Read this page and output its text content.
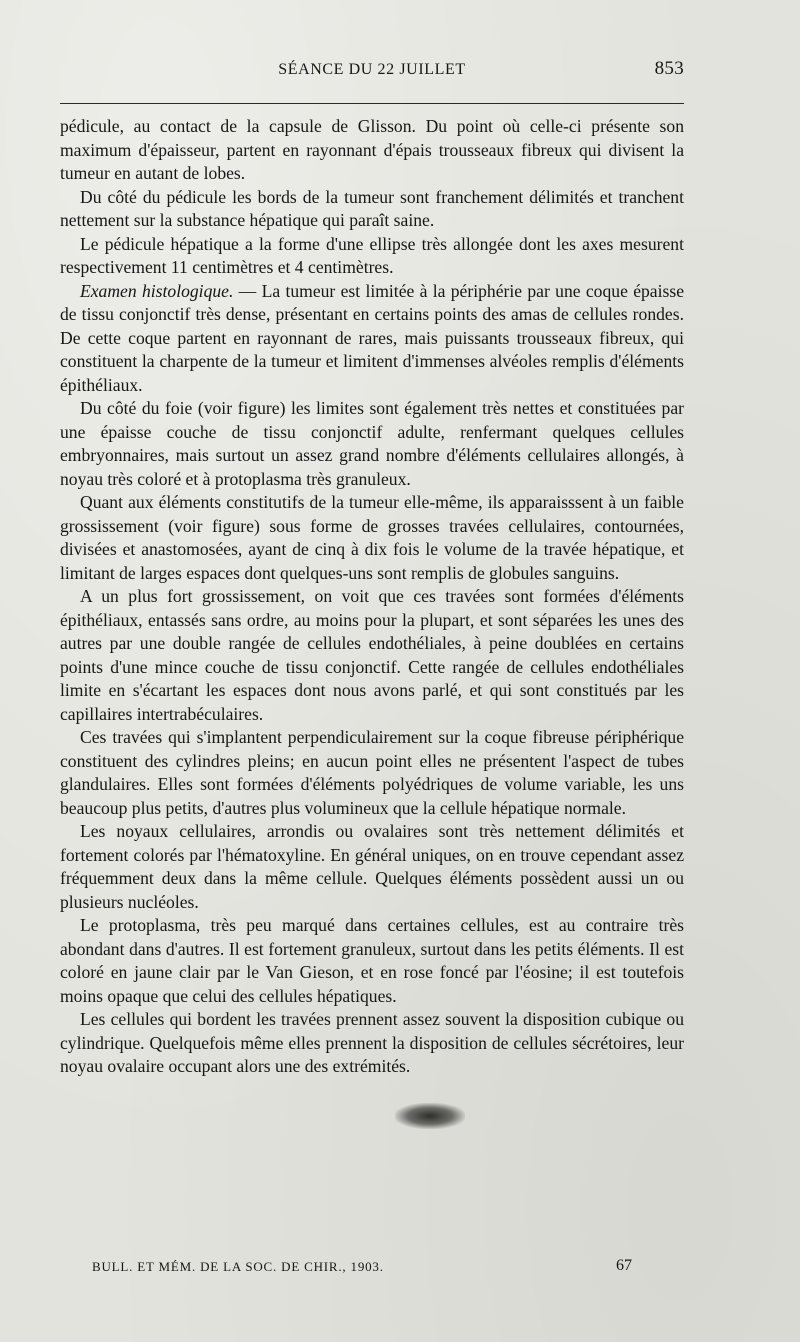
SÉANCE DU 22 JUILLET	853

pédicule, au contact de la capsule de Glisson. Du point où celle-ci présente son maximum d'épaisseur, partent en rayonnant d'épais trousseaux fibreux qui divisent la tumeur en autant de lobes.

Du côté du pédicule les bords de la tumeur sont franchement délimités et tranchent nettement sur la substance hépatique qui paraît saine.

Le pédicule hépatique a la forme d'une ellipse très allongée dont les axes mesurent respectivement 11 centimètres et 4 centimètres.

Examen histologique. — La tumeur est limitée à la périphérie par une coque épaisse de tissu conjonctif très dense, présentant en certains points des amas de cellules rondes. De cette coque partent en rayonnant de rares, mais puissants trousseaux fibreux, qui constituent la charpente de la tumeur et limitent d'immenses alvéoles remplis d'éléments épithéliaux.

Du côté du foie (voir figure) les limites sont également très nettes et constituées par une épaisse couche de tissu conjonctif adulte, renfermant quelques cellules embryonnaires, mais surtout un assez grand nombre d'éléments cellulaires allongés, à noyau très coloré et à protoplasma très granuleux.

Quant aux éléments constitutifs de la tumeur elle-même, ils apparaisssent à un faible grossissement (voir figure) sous forme de grosses travées cellulaires, contournées, divisées et anastomosées, ayant de cinq à dix fois le volume de la travée hépatique, et limitant de larges espaces dont quelques-uns sont remplis de globules sanguins.

A un plus fort grossissement, on voit que ces travées sont formées d'éléments épithéliaux, entassés sans ordre, au moins pour la plupart, et sont séparées les unes des autres par une double rangée de cellules endothéliales, à peine doublées en certains points d'une mince couche de tissu conjonctif. Cette rangée de cellules endothéliales limite en s'écartant les espaces dont nous avons parlé, et qui sont constitués par les capillaires intertrabéculaires.

Ces travées qui s'implantent perpendiculairement sur la coque fibreuse périphérique constituent des cylindres pleins; en aucun point elles ne présentent l'aspect de tubes glandulaires. Elles sont formées d'éléments polyédriques de volume variable, les uns beaucoup plus petits, d'autres plus volumineux que la cellule hépatique normale.

Les noyaux cellulaires, arrondis ou ovalaires sont très nettement délimités et fortement colorés par l'hématoxyline. En général uniques, on en trouve cependant assez fréquemment deux dans la même cellule. Quelques éléments possèdent aussi un ou plusieurs nucléoles.

Le protoplasma, très peu marqué dans certaines cellules, est au contraire très abondant dans d'autres. Il est fortement granuleux, surtout dans les petits éléments. Il est coloré en jaune clair par le Van Gieson, et en rose foncé par l'éosine; il est toutefois moins opaque que celui des cellules hépatiques.

Les cellules qui bordent les travées prennent assez souvent la disposition cubique ou cylindrique. Quelquefois même elles prennent la disposition de cellules sécrétoires, leur noyau ovalaire occupant alors une des extrémités.

BULL. ET MÉM. DE LA SOC. DE CHIR., 1903.	67
